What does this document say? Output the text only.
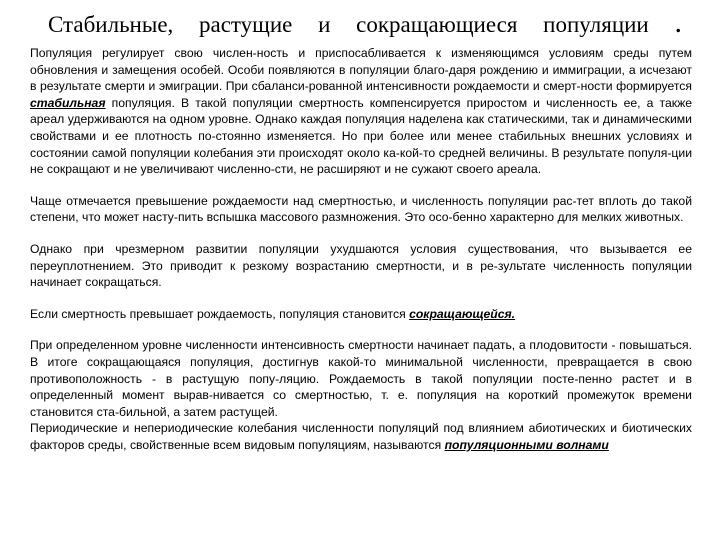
Стабильные, растущие и сокращающиеся популяции .

Популяция регулирует свою числен-ность и приспосабливается к изменяющимся условиям среды путем обновления и замещения особей. Особи появляются в популяции благо-даря рождению и иммиграции, а исчезают в результате смерти и эмиграции. При сбаланси-рованной интенсивности рождаемости и смерт-ности формируется стабильная популяция. В такой популяции смертность компенсируется приростом и численность ее, а также ареал удерживаются на одном уровне. Однако каждая популяция наделена как статическими, так и динамическими свойствами и ее плотность по-стоянно изменяется. Но при более или менее стабильных внешних условиях и состоянии самой популяции колебания эти происходят около ка-кой-то средней величины. В результате популя-ции не сокращают и не увеличивают численно-сти, не расширяют и не сужают своего ареала.

Чаще отмечается превышение рождаемости над смертностью, и численность популяции рас-тет вплоть до такой степени, что может насту-пить вспышка массового размножения. Это осо-бенно характерно для мелких животных.

Однако при чрезмерном развитии популяции ухудшаются условия существования, что вызывается ее переуплотнением. Это приводит к резкому возрастанию смертности, и в ре-зультате численность популяции начинает сокращаться.

Если смертность превышает рождаемость, популяция становится сокращающейся.

При определенном уровне численности интенсивность смертности начинает падать, а плодовитости - повышаться. В итоге сокращающаяся популяция, достигнув какой-то минимальной численности, превращается в свою противоположность - в растущую попу-ляцию. Рождаемость в такой популяции посте-пенно растет и в определенный момент вырав-нивается со смертностью, т. е. популяция на короткий промежуток времени становится ста-бильной, а затем растущей.

Периодические и непериодические колебания численности популяций под влиянием абиотических и биотических факторов среды, свойственные всем видовым популяциям, называются популяционными волнами
